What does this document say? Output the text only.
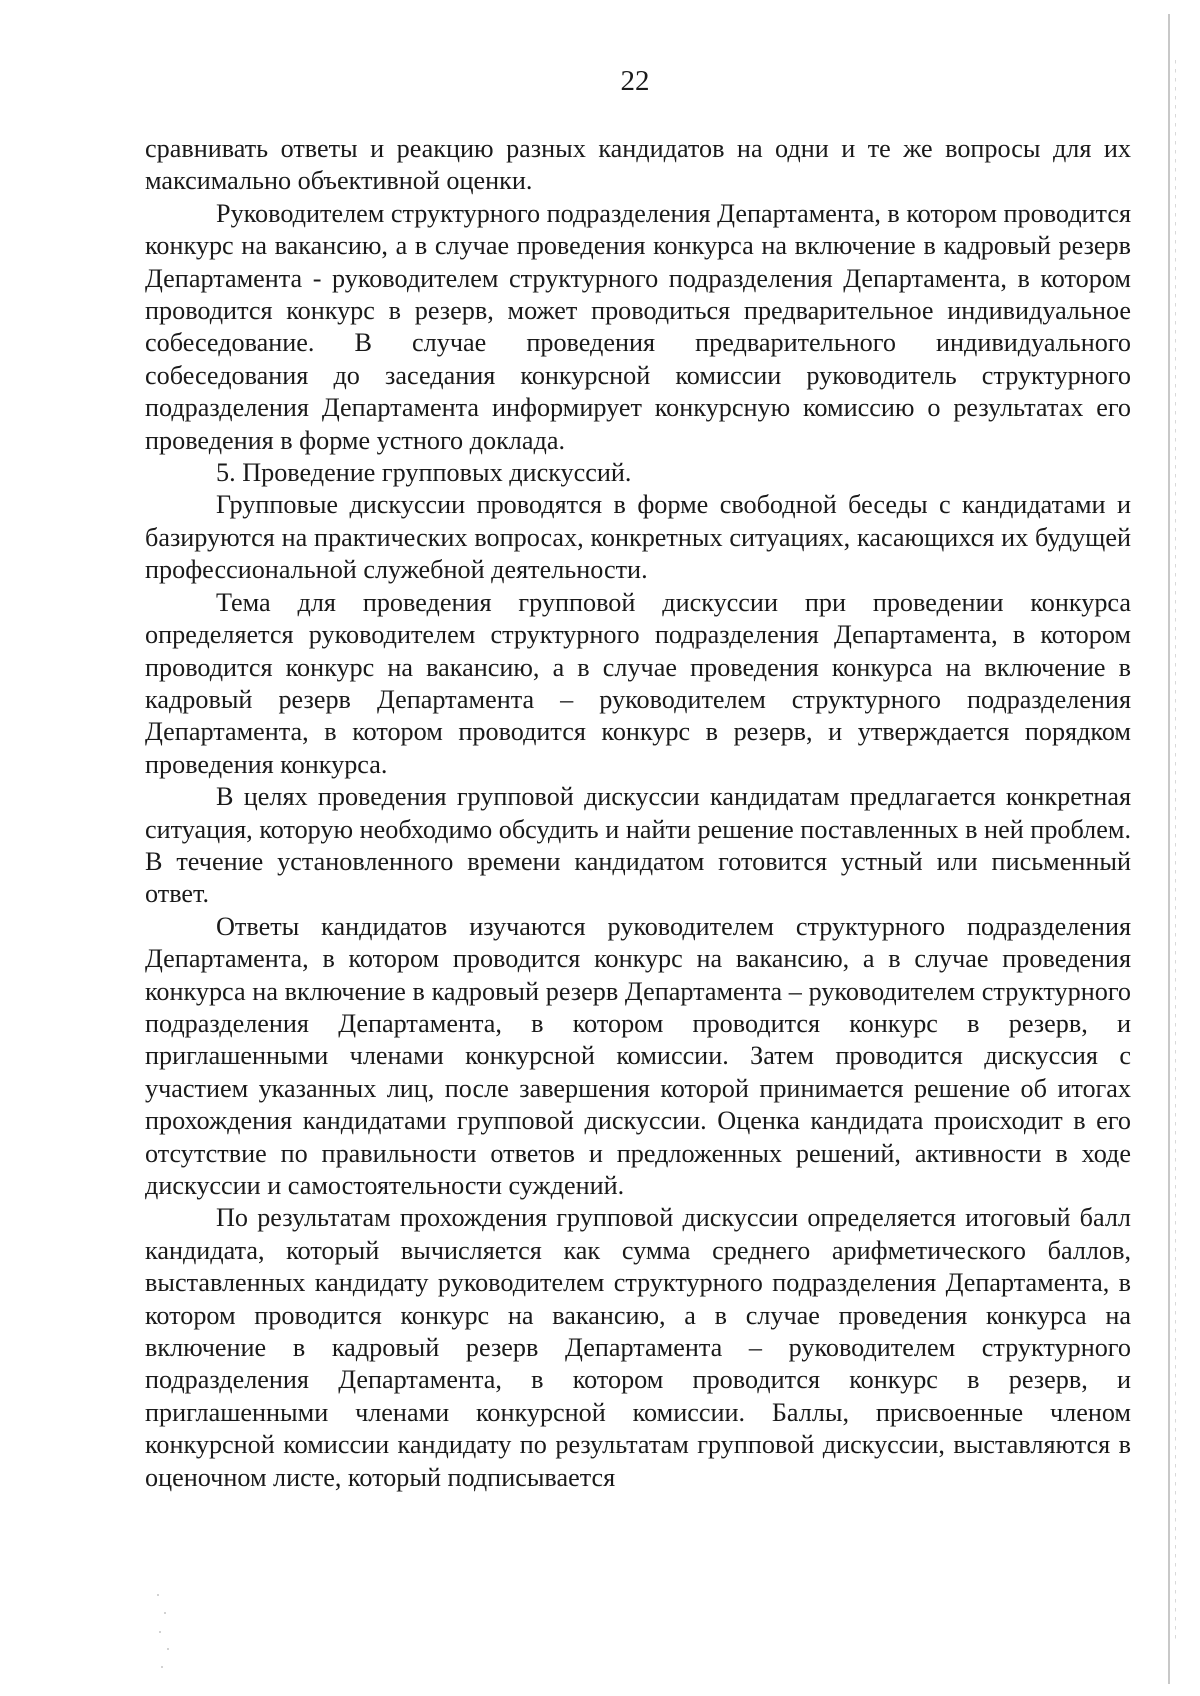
22

сравнивать ответы и реакцию разных кандидатов на одни и те же вопросы для их максимально объективной оценки.

Руководителем структурного подразделения Департамента, в котором проводится конкурс на вакансию, а в случае проведения конкурса на включение в кадровый резерв Департамента - руководителем структурного подразделения Департамента, в котором проводится конкурс в резерв, может проводиться предварительное индивидуальное собеседование. В случае проведения предварительного индивидуального собеседования до заседания конкурсной комиссии руководитель структурного подразделения Департамента информирует конкурсную комиссию о результатах его проведения в форме устного доклада.

5. Проведение групповых дискуссий.

Групповые дискуссии проводятся в форме свободной беседы с кандидатами и базируются на практических вопросах, конкретных ситуациях, касающихся их будущей профессиональной служебной деятельности.

Тема для проведения групповой дискуссии при проведении конкурса определяется руководителем структурного подразделения Департамента, в котором проводится конкурс на вакансию, а в случае проведения конкурса на включение в кадровый резерв Департамента – руководителем структурного подразделения Департамента, в котором проводится конкурс в резерв, и утверждается порядком проведения конкурса.

В целях проведения групповой дискуссии кандидатам предлагается конкретная ситуация, которую необходимо обсудить и найти решение поставленных в ней проблем. В течение установленного времени кандидатом готовится устный или письменный ответ.

Ответы кандидатов изучаются руководителем структурного подразделения Департамента, в котором проводится конкурс на вакансию, а в случае проведения конкурса на включение в кадровый резерв Департамента – руководителем структурного подразделения Департамента, в котором проводится конкурс в резерв, и приглашенными членами конкурсной комиссии. Затем проводится дискуссия с участием указанных лиц, после завершения которой принимается решение об итогах прохождения кандидатами групповой дискуссии. Оценка кандидата происходит в его отсутствие по правильности ответов и предложенных решений, активности в ходе дискуссии и самостоятельности суждений.

По результатам прохождения групповой дискуссии определяется итоговый балл кандидата, который вычисляется как сумма среднего арифметического баллов, выставленных кандидату руководителем структурного подразделения Департамента, в котором проводится конкурс на вакансию, а в случае проведения конкурса на включение в кадровый резерв Департамента – руководителем структурного подразделения Департамента, в котором проводится конкурс в резерв, и приглашенными членами конкурсной комиссии. Баллы, присвоенные членом конкурсной комиссии кандидату по результатам групповой дискуссии, выставляются в оценочном листе, который подписывается
